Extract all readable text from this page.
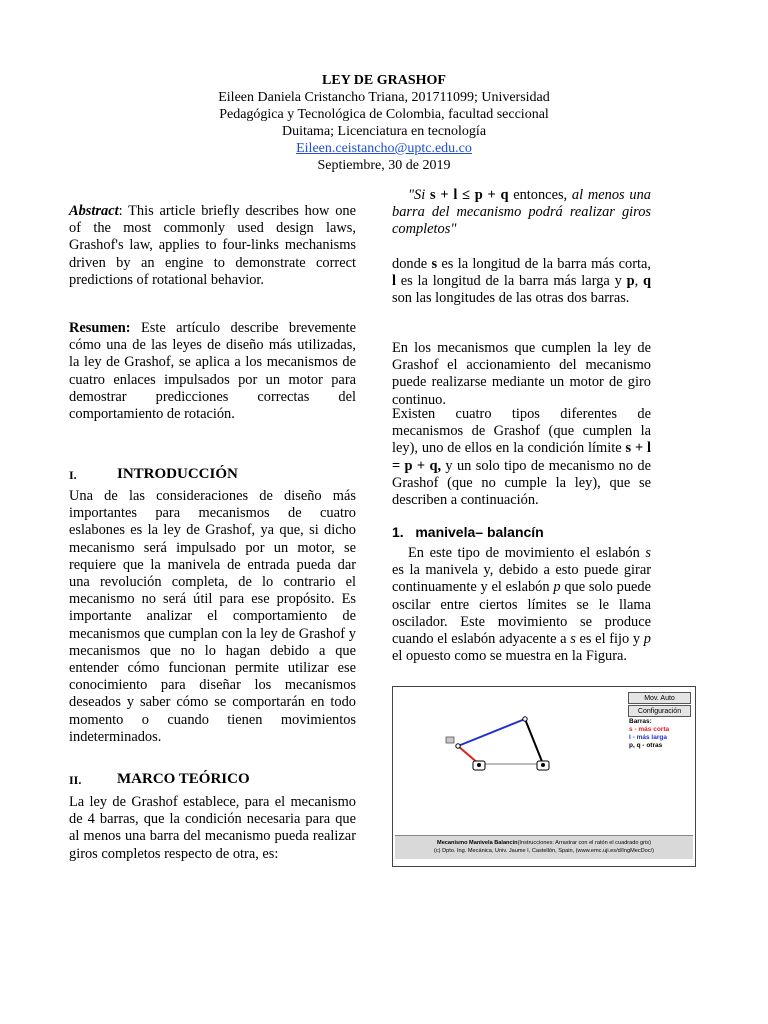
LEY DE GRASHOF
Eileen Daniela Cristancho Triana, 201711099; Universidad
Pedagógica y Tecnológica de Colombia, facultad seccional
Duitama; Licenciatura en tecnología
Eileen.ceistancho@uptc.edu.co
Septiembre, 30 de 2019
Abstract: This article briefly describes how one of the most commonly used design laws, Grashof's law, applies to four-links mechanisms driven by an engine to demonstrate correct predictions of rotational behavior.
Resumen: Este artículo describe brevemente cómo una de las leyes de diseño más utilizadas, la ley de Grashof, se aplica a los mecanismos de cuatro enlaces impulsados por un motor para demostrar predicciones correctas del comportamiento de rotación.
I.	INTRODUCCIÓN
Una de las consideraciones de diseño más importantes para mecanismos de cuatro eslabones es la ley de Grashof, ya que, si dicho mecanismo será impulsado por un motor, se requiere que la manivela de entrada pueda dar una revolución completa, de lo contrario el mecanismo no será útil para ese propósito. Es importante analizar el comportamiento de mecanismos que cumplan con la ley de Grashof y mecanismos que no lo hagan debido a que entender cómo funcionan permite utilizar ese conocimiento para diseñar los mecanismos deseados y saber cómo se comportarán en todo momento o cuando tienen movimientos indeterminados.
II. MARCO TEÓRICO
La ley de Grashof establece, para el mecanismo de 4 barras, que la condición necesaria para que al menos una barra del mecanismo pueda realizar giros completos respecto de otra, es:
"Si s + l ≤ p + q entonces, al menos una barra del mecanismo podrá realizar giros completos"
donde s es la longitud de la barra más corta, l es la longitud de la barra más larga y p, q son las longitudes de las otras dos barras.
En los mecanismos que cumplen la ley de Grashof el accionamiento del mecanismo puede realizarse mediante un motor de giro continuo.
Existen cuatro tipos diferentes de mecanismos de Grashof (que cumplen la ley), uno de ellos en la condición límite s + l = p + q, y un solo tipo de mecanismo no de Grashof (que no cumple la ley), que se describen a continuación.
1.   manivela– balancín
En este tipo de movimiento el eslabón s es la manivela y, debido a esto puede girar continuamente y el eslabón p que solo puede oscilar entre ciertos límites se le llama oscilador. Este movimiento se produce cuando el eslabón adyacente a s es el fijo y p el opuesto como se muestra en la Figura.
Mov. Auto
Configuración
Barras:
s - más corta
l - más larga
p, q - otras
Mecanismo Manivela Balancín(Instrucciones: Arrastrar con el ratón el cuadrado gris)
(c) Dpto. Ing. Mecánica, Univ. Jaume I, Castellón, Spain, (www.emc.uji.es/d/IngMecDoc/)
